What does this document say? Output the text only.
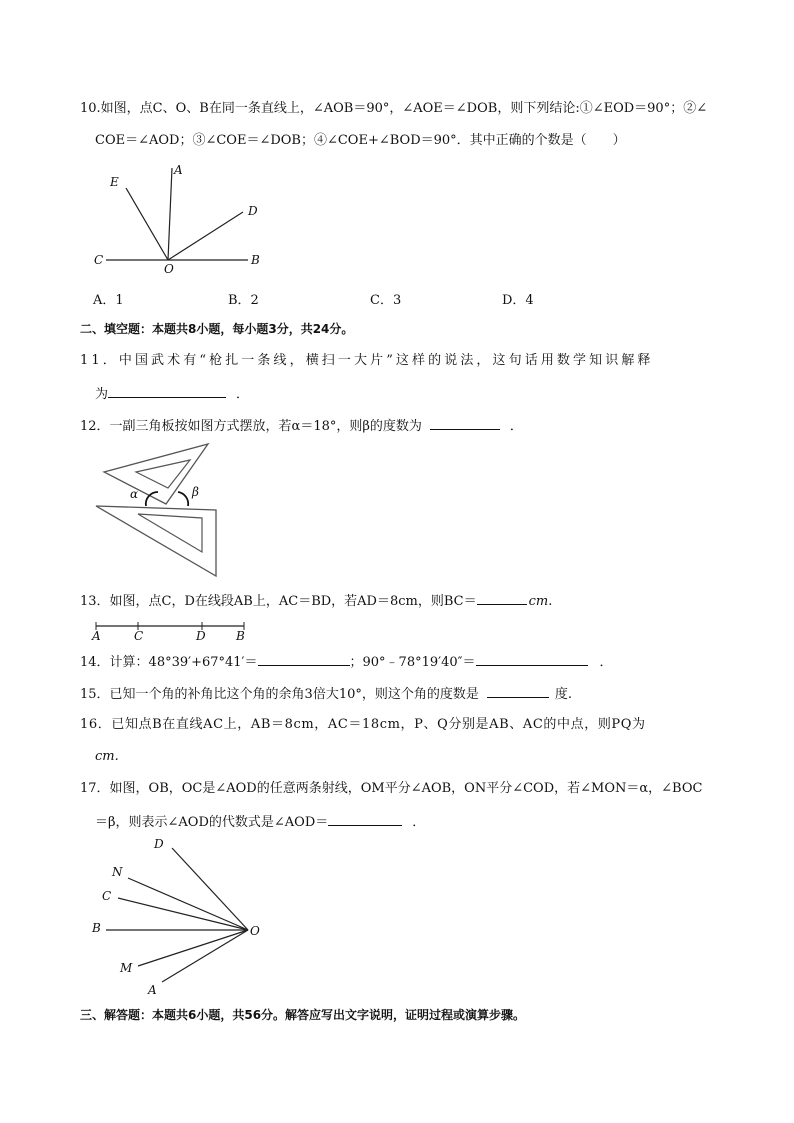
10.如图，点C、O、B在同一条直线上，∠AOB＝90°，∠AOE＝∠DOB，则下列结论:①∠EOD＝90°；②∠
COE＝∠AOD；③∠COE＝∠DOB；④∠COE+∠BOD＝90°．其中正确的个数是（　　）
E
A
D
C
O
B
A．1	B．2	C．3	D．4
二、填空题：本题共8小题，每小题3分，共24分。
11．中国武术有“枪扎一条线，横扫一大片”这样的说法，这句话用数学知识解释
为	．
12．一副三角板按如图方式摆放，若α＝18°，则β的度数为	．
α	β
13．如图，点C，D在线段AB上，AC＝BD，若AD＝8cm，则BC＝	cm.
A	C	D	B
14．计算：48°39′+67°41′＝	；90°﹣78°19′40″＝	．
15．已知一个角的补角比这个角的余角3倍大10°，则这个角的度数是	度.
16．已知点B在直线AC上，AB＝8cm，AC＝18cm，P、Q分别是AB、AC的中点，则PQ为
cm.
17．如图，OB，OC是∠AOD的任意两条射线，OM平分∠AOB，ON平分∠COD，若∠MON＝α，∠BOC
＝β，则表示∠AOD的代数式是∠AOD＝	．
D
N
C
B	O
M
A
三、解答题：本题共6小题，共56分。解答应写出文字说明，证明过程或演算步骤。
